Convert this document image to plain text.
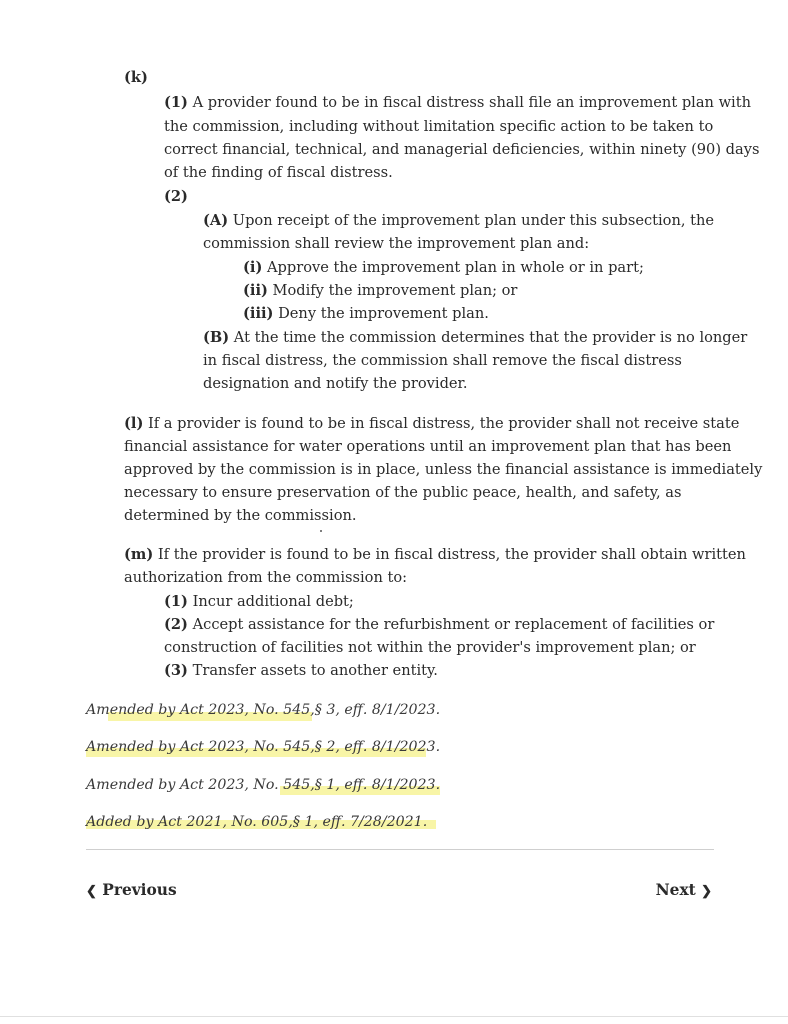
(k)
(1) A provider found to be in fiscal distress shall file an improvement plan with
the commission, including without limitation specific action to be taken to
correct financial, technical, and managerial deficiencies, within ninety (90) days
of the finding of fiscal distress.
(2)
(A) Upon receipt of the improvement plan under this subsection, the
commission shall review the improvement plan and:
(i) Approve the improvement plan in whole or in part;
(ii) Modify the improvement plan; or
(iii) Deny the improvement plan.
(B) At the time the commission determines that the provider is no longer
in fiscal distress, the commission shall remove the fiscal distress
designation and notify the provider.
(l) If a provider is found to be in fiscal distress, the provider shall not receive state
financial assistance for water operations until an improvement plan that has been
approved by the commission is in place, unless the financial assistance is immediately
necessary to ensure preservation of the public peace, health, and safety, as
determined by the commission.
(m) If the provider is found to be in fiscal distress, the provider shall obtain written
authorization from the commission to:
(1) Incur additional debt;
(2) Accept assistance for the refurbishment or replacement of facilities or
construction of facilities not within the provider's improvement plan; or
(3) Transfer assets to another entity.
Amended by Act 2023, No. 545,§ 3, eff. 8/1/2023.
Amended by Act 2023, No. 545,§ 2, eff. 8/1/2023.
Amended by Act 2023, No. 545,§ 1, eff. 8/1/2023.
Added by Act 2021, No. 605,§ 1, eff. 7/28/2021.
❮ Previous	Next ❯
